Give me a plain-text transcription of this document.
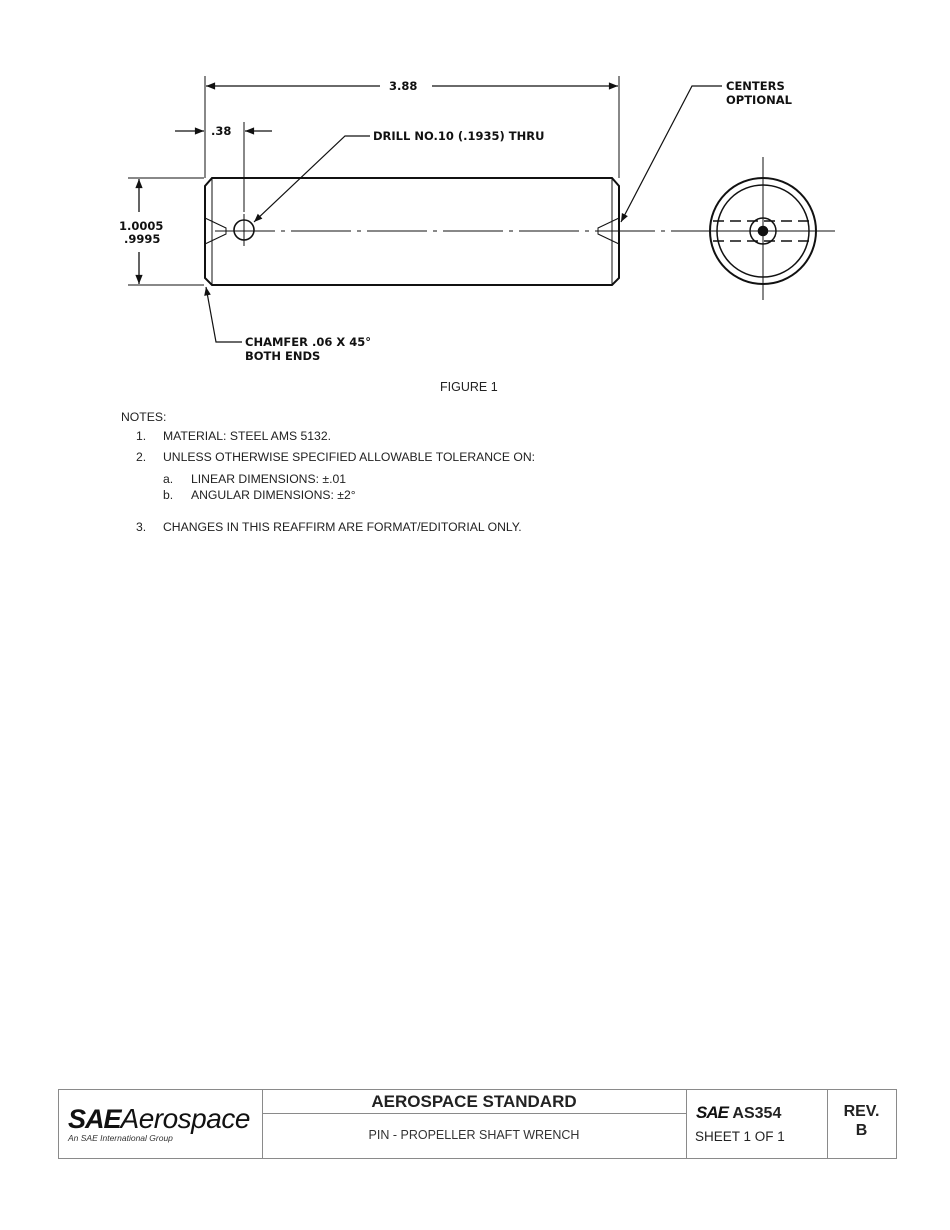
3.88
.38	DRILL NO.10 (.1935) THRU
1.0005
.9995
CENTERS
OPTIONAL
CHAMFER .06 X 45°
BOTH ENDS
FIGURE 1
NOTES:
1. MATERIAL: STEEL AMS 5132.
2. UNLESS OTHERWISE SPECIFIED ALLOWABLE TOLERANCE ON:
a. LINEAR DIMENSIONS: ±.01
b. ANGULAR DIMENSIONS: ±2°
3. CHANGES IN THIS REAFFIRM ARE FORMAT/EDITORIAL ONLY.
SAEAerospace
An SAE International Group
AEROSPACE STANDARD
PIN - PROPELLER SHAFT WRENCH
SAE AS354
SHEET 1 OF 1
REV.
B
